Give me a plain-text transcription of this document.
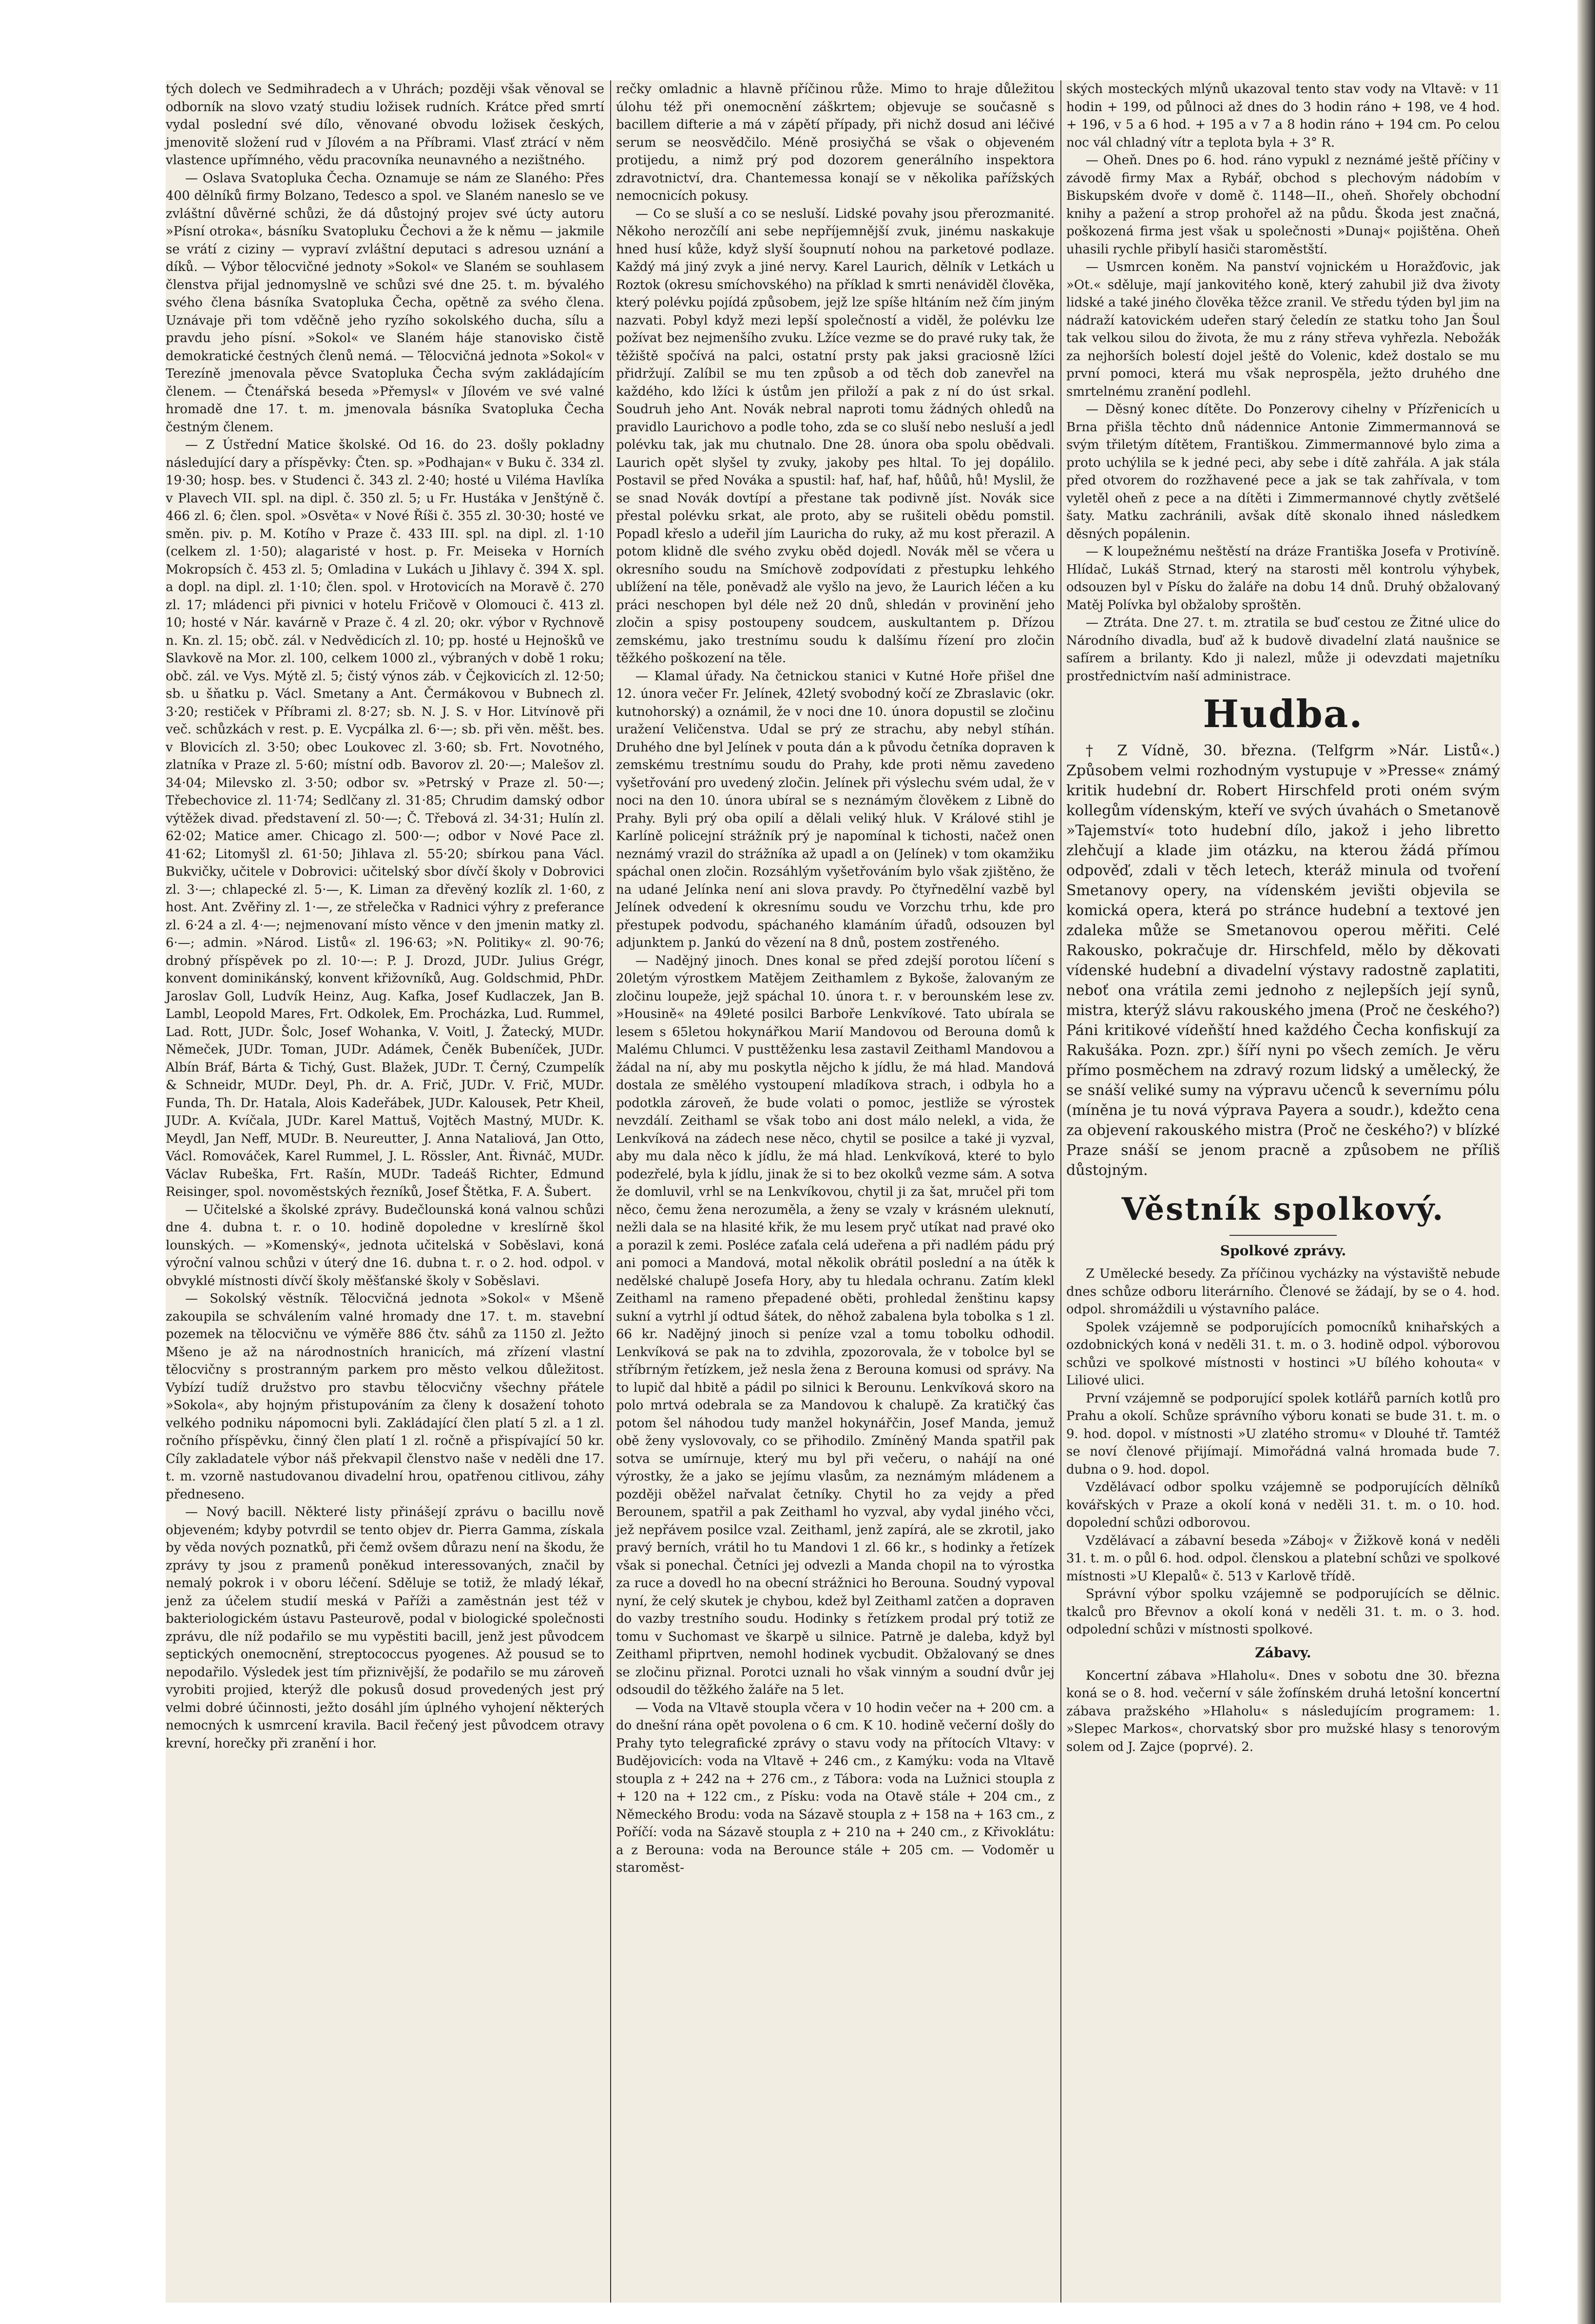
tých dolech ve Sedmihradech a v Uhrách; později však věnoval se odborník na slovo vzatý studiu ložisek rudních. Krátce před smrtí vydal poslední své dílo, věnované obvodu ložisek českých, jmenovitě složení rud v Jílovém a na Příbrami. Vlasť ztrácí v něm vlastence upřímného, vědu pracovníka neunavného a nezištného.

— Oslava Svatopluka Čecha. Oznamuje se nám ze Slaného: Přes 400 dělníků firmy Bolzano, Tedesco a spol. ve Slaném naneslo se ve zvláštní důvěrné schůzi, že dá důstojný projev své úcty autoru »Písní otroka«, básníku Svatopluku Čechovi a že k němu — jakmile se vrátí z ciziny — vypraví zvláštní deputaci s adresou uznání a díků. — Výbor tělocvičné jednoty »Sokol« ve Slaném se souhlasem členstva přijal jednomyslně ve schůzi své dne 25. t. m. bývalého svého člena básníka Svatopluka Čecha, opětně za svého člena. Uznávaje při tom vděčně jeho ryzího sokolského ducha, sílu a pravdu jeho písní. »Sokol« ve Slaném háje stanovisko čistě demokratické čestných členů nemá. — Tělocvičná jednota »Sokol« v Terezíně jmenovala pěvce Svatopluka Čecha svým zakládajícím členem. — Čtenářská beseda »Přemysl« v Jílovém ve své valné hromadě dne 17. t. m. jmenovala básníka Svatopluka Čecha čestným členem.

— Z Ústřední Matice školské. Od 16. do 23. došly pokladny následující dary a příspěvky: Čten. sp. »Podhajan« v Buku č. 334 zl. 19·30; hosp. bes. v Studenci č. 343 zl. 2·40; hosté u Viléma Havlíka v Plavech VII. spl. na dipl. č. 350 zl. 5; u Fr. Hustáka v Jenštýně č. 466 zl. 6; člen. spol. »Osvěta« v Nové Říši č. 355 zl. 30·30; hosté ve směn. piv. p. M. Kotího v Praze č. 433 III. spl. na dipl. zl. 1·10 (celkem zl. 1·50); alagaristé v host. p. Fr. Meiseka v Horních Mokropsích č. 453 zl. 5; Omladina v Lukách u Jihlavy č. 394 X. spl. a dopl. na dipl. zl. 1·10; člen. spol. v Hrotovicích na Moravě č. 270 zl. 17; mládenci při pivnici v hotelu Fričově v Olomouci č. 413 zl. 10; hosté v Nár. kavárně v Praze č. 4 zl. 20; okr. výbor v Rychnově n. Kn. zl. 15; obč. zál. v Nedvědicích zl. 10; pp. hosté u Hejnošků ve Slavkově na Mor. zl. 100, celkem 1000 zl., výbraných v době 1 roku; obč. zál. ve Vys. Mýtě zl. 5; čistý výnos záb. v Čejkovicích zl. 12·50; sb. u šňatku p. Václ. Smetany a Ant. Čermákovou v Bubnech zl. 3·20; restiček v Příbrami zl. 8·27; sb. N. J. S. v Hor. Litvínově při več. schůzkách v rest. p. E. Vycpálka zl. 6·—; sb. při věn. měšt. bes. v Blovicích zl. 3·50; obec Loukovec zl. 3·60; sb. Frt. Novotného, zlatníka v Praze zl. 5·60; místní odb. Bavorov zl. 20·—; Malešov zl. 34·04; Milevsko zl. 3·50; odbor sv. »Petrský v Praze zl. 50·—; Třebechovice zl. 11·74; Sedlčany zl. 31·85; Chrudim damský odbor výtěžek divad. představení zl. 50·—; Č. Třebová zl. 34·31; Hulín zl. 62·02; Matice amer. Chicago zl. 500·—; odbor v Nové Pace zl. 41·62; Litomyšl zl. 61·50; Jihlava zl. 55·20; sbírkou pana Václ. Bukvičky, učitele v Dobrovici: učitelský sbor dívčí školy v Dobrovici zl. 3·—; chlapecké zl. 5·—, K. Liman za dřevěný kozlík zl. 1·60, z host. Ant. Zvěřiny zl. 1·—, ze střelečka v Radnici výhry z preferance zl. 6·24 a zl. 4·—; nejmenovaní místo věnce v den jmenin matky zl. 6·—; admin. »Národ. Listů« zl. 196·63; »N. Politiky« zl. 90·76; drobný příspěvek po zl. 10·—: P. J. Drozd, JUDr. Julius Grégr, konvent dominikánský, konvent křižovníků, Aug. Goldschmid, PhDr. Jaroslav Goll, Ludvík Heinz, Aug. Kafka, Josef Kudlaczek, Jan B. Lambl, Leopold Mares, Frt. Odkolek, Em. Procházka, Lud. Rummel, Lad. Rott, JUDr. Šolc, Josef Wohanka, V. Voitl, J. Žatecký, MUDr. Němeček, JUDr. Toman, JUDr. Adámek, Čeněk Bubeníček, JUDr. Albín Bráf, Bárta & Tichý, Gust. Blažek, JUDr. T. Černý, Czumpelík & Schneidr, MUDr. Deyl, Ph. dr. A. Frič, JUDr. V. Frič, MUDr. Funda, Th. Dr. Hatala, Alois Kadeřábek, JUDr. Kalousek, Petr Kheil, JUDr. A. Kvíčala, JUDr. Karel Mattuš, Vojtěch Mastný, MUDr. K. Meydl, Jan Neff, MUDr. B. Neureutter, J. Anna Nataliová, Jan Otto, Václ. Romováček, Karel Rummel, J. L. Rössler, Ant. Řivnáč, MUDr. Václav Rubeška, Frt. Rašín, MUDr. Tadeáš Richter, Edmund Reisinger, spol. novoměstských řezníků, Josef Štětka, F. A. Šubert.

— Učitelské a školské zprávy. Budečlounská koná valnou schůzi dne 4. dubna t. r. o 10. hodině dopoledne v kreslírně škol lounských. — »Komenský«, jednota učitelská v Soběslavi, koná výroční valnou schůzi v úterý dne 16. dubna t. r. o 2. hod. odpol. v obvyklé místnosti dívčí školy měšťanské školy v Soběslavi.

— Sokolský věstník. Tělocvičná jednota »Sokol« v Mšeně zakoupila se schválením valné hromady dne 17. t. m. stavební pozemek na tělocvičnu ve výměře 886 čtv. sáhů za 1150 zl. Ježto Mšeno je až na národnostních hranicích, má zřízení vlastní tělocvičny s prostranným parkem pro město velkou důležitost. Vybízí tudíž družstvo pro stavbu tělocvičny všechny přátele »Sokola«, aby hojným přistupováním za členy k dosažení tohoto velkého podniku nápomocni byli. Zakládající člen platí 5 zl. a 1 zl. ročního příspěvku, činný člen platí 1 zl. ročně a přispívající 50 kr. Cíly zakladatele výbor náš překvapil členstvo naše v neděli dne 17. t. m. vzorně nastudovanou divadelní hrou, opatřenou citlivou, záhy předneseno.

— Nový bacill. Některé listy přinášejí zprávu o bacillu nově objeveném; kdyby potvrdil se tento objev dr. Pierra Gamma, získala by věda nových poznatků, při čemž ovšem důrazu není na škodu, že zprávy ty jsou z pramenů poněkud interessovaných, značil by nemalý pokrok i v oboru léčení. Sděluje se totiž, že mladý lékař, jenž za účelem studií meská v Paříži a zaměstnán jest též v bakteriologickém ústavu Pasteurově, podal v biologické společnosti zprávu, dle níž podařilo se mu vypěstiti bacill, jenž jest původcem septických onemocnění, streptococcus pyogenes. Až pousud se to nepodařilo. Výsledek jest tím přiznivější, že podařilo se mu zároveň vyrobiti projied, kterýž dle pokusů dosud provedených jest prý velmi dobré účinnosti, ježto dosáhl jím úplného vyhojení některých nemocných k usmrcení kravila. Bacil řečený jest původcem otravy krevní, horečky při zranění i hor.

rečky omladnic a hlavně příčinou růže. Mimo to hraje důležitou úlohu též při onemocnění záškrtem; objevuje se současně s bacillem difterie a má v zápětí případy, při nichž dosud ani léčivé serum se neosvědčilo. Méně prosiyčhá se však o objeveném protijedu, a nimž prý pod dozorem generálního inspektora zdravotnictví, dra. Chantemessa konají se v několika pařížských nemocnicích pokusy.

— Co se sluší a co se nesluší. Lidské povahy jsou přerozmanité. Někoho nerozčílí ani sebe nepříjemnější zvuk, jinému naskakuje hned husí kůže, když slyší šoupnutí nohou na parketové podlaze. Každý má jiný zvyk a jiné nervy. Karel Laurich, dělník v Letkách u Roztok (okresu smíchovského) na příklad k smrti nenáviděl člověka, který polévku pojídá způsobem, jejž lze spíše hltáním než čím jiným nazvati. Pobyl když mezi lepší společností a viděl, že polévku lze požívat bez nejmenšího zvuku. Lžíce vezme se do pravé ruky tak, že těžiště spočívá na palci, ostatní prsty pak jaksi graciosně lžíci přidržují. Zalíbil se mu ten způsob a od těch dob zanevřel na každého, kdo lžíci k ústům jen přiloží a pak z ní do úst srkal. Soudruh jeho Ant. Novák nebral naproti tomu žádných ohledů na pravidlo Laurichovo a podle toho, zda se co sluší nebo nesluší a jedl polévku tak, jak mu chutnalo. Dne 28. února oba spolu obědvali. Laurich opět slyšel ty zvuky, jakoby pes hltal. To jej dopálilo. Postavil se před Nováka a spustil: haf, haf, haf, hůůů, hů! Myslil, že se snad Novák dovtípí a přestane tak podivně jíst. Novák sice přestal polévku srkat, ale proto, aby se rušiteli obědu pomstil. Popadl křeslo a udeřil jím Lauricha do ruky, až mu kost přerazil. A potom klidně dle svého zvyku oběd dojedl. Novák měl se včera u okresního soudu na Smíchově zodpovídati z přestupku lehkého ublížení na těle, poněvadž ale vyšlo na jevo, že Laurich léčen a ku práci neschopen byl déle než 20 dnů, shledán v provinění jeho zločin a spisy postoupeny soudcem, auskultantem p. Dřízou zemskému, jako trestnímu soudu k dalšímu řízení pro zločin těžkého poškození na těle.

— Klamal úřady. Na četnickou stanici v Kutné Hoře přišel dne 12. února večer Fr. Jelínek, 42letý svobodný kočí ze Zbraslavic (okr. kutnohorský) a oznámil, že v noci dne 10. února dopustil se zločinu uražení Veličenstva. Udal se prý ze strachu, aby nebyl stíhán. Druhého dne byl Jelínek v pouta dán a k původu četníka dopraven k zemskému trestnímu soudu do Prahy, kde proti němu zavedeno vyšetřování pro uvedený zločin. Jelínek při výslechu svém udal, že v noci na den 10. února ubíral se s neznámým člověkem z Libně do Prahy. Byli prý oba opilí a dělali veliký hluk. V Králové stihl je Karlíně policejní strážník prý je napomínal k tichosti, načež onen neznámý vrazil do strážníka až upadl a on (Jelínek) v tom okamžiku spáchal onen zločin. Rozsáhlým vyšetřováním bylo však zjištěno, že na udané Jelínka není ani slova pravdy. Po čtyřnedělní vazbě byl Jelínek odvedení k okresnímu soudu ve Vorzchu trhu, kde pro přestupek podvodu, spáchaného klamáním úřadů, odsouzen byl adjunktem p. Jankú do vězení na 8 dnů, postem zostřeného.

— Nadějný jinoch. Dnes konal se před zdejší porotou líčení s 20letým výrostkem Matějem Zeithamlem z Bykoše, žalovaným ze zločinu loupeže, jejž spáchal 10. února t. r. v berounském lese zv. »Housině« na 49leté posilci Barboře Lenkvíkové. Tato ubírala se lesem s 65letou hokynářkou Marií Mandovou od Berouna domů k Malému Chlumci. V pusttěženku lesa zastavil Zeithaml Mandovou a žádal na ní, aby mu poskytla nějcho k jídlu, že má hlad. Mandová dostala ze smělého vystoupení mladíkova strach, i odbyla ho a podotkla zároveň, že bude volati o pomoc, jestliže se výrostek nevzdálí. Zeithaml se však tobo ani dost málo nelekl, a vida, že Lenkvíková na zádech nese něco, chytil se posilce a také ji vyzval, aby mu dala něco k jídlu, že má hlad. Lenkvíková, které to bylo podezřelé, byla k jídlu, jinak že si to bez okolků vezme sám. A sotva že domluvil, vrhl se na Lenkvíkovou, chytil ji za šat, mručel při tom něco, čemu žena nerozuměla, a ženy se vzaly v krásném uleknutí, nežli dala se na hlasité křik, že mu lesem pryč utíkat nad pravé oko a porazil k zemi. Posléce zaťala celá udeřena a při nadlém pádu prý ani pomoci a Mandová, motal několik obrátil poslední a na útěk k nedělské chalupě Josefa Hory, aby tu hledala ochranu. Zatím klekl Zeithaml na rameno přepadené oběti, prohledal ženštinu kapsy sukní a vytrhl jí odtud šátek, do něhož zabalena byla tobolka s 1 zl. 66 kr. Nadějný jinoch si peníze vzal a tomu tobolku odhodil. Lenkvíková se pak na to zdvihla, zpozorovala, že v tobolce byl se stříbrným řetízkem, jež nesla žena z Berouna komusi od správy. Na to lupič dal hbitě a pádil po silnici k Berounu. Lenkvíková skoro na polo mrtvá odebrala se za Mandovou k chalupě. Za kratičký čas potom šel náhodou tudy manžel hokynářčin, Josef Manda, jemuž obě ženy vyslovovaly, co se přihodilo. Zmíněný Manda spatřil pak sotva se umírnuje, který mu byl při večeru, o nahájí na oné výrostky, že a jako se jejímu vlasům, za neznámým mládenem a později oběžel nařvalat četníky. Chytil ho za vejdy a před Berounem, spatřil a pak Zeithaml ho vyzval, aby vydal jiného včci, jež nepřávem posilce vzal. Zeithaml, jenž zapírá, ale se zkrotil, jako pravý berních, vrátil ho tu Mandovi 1 zl. 66 kr., s hodinky a řetízek však si ponechal. Četníci jej odvezli a Manda chopil na to výrostka za ruce a dovedl ho na obecní strážnici ho Berouna. Soudný vypoval nyní, že celý skutek je chybou, kdež byl Zeithaml zatčen a dopraven do vazby trestního soudu. Hodinky s řetízkem prodal prý totiž ze tomu v Suchomast ve škarpě u silnice. Patrně je daleba, když byl Zeithaml připrtven, nemohl hodinek vycbudit. Obžalovaný se dnes se zločinu přiznal. Porotci uznali ho však vinným a soudní dvůr jej odsoudil do těžkého žaláře na 5 let.

— Voda na Vltavě stoupla včera v 10 hodin večer na + 200 cm. a do dnešní rána opět povolena o 6 cm. K 10. hodině večerní došly do Prahy tyto telegrafické zprávy o stavu vody na přítocích Vltavy: v Budějovicích: voda na Vltavě + 246 cm., z Kamýku: voda na Vltavě stoupla z + 242 na + 276 cm., z Tábora: voda na Lužnici stoupla z + 120 na + 122 cm., z Písku: voda na Otavě stále + 204 cm., z Německého Brodu: voda na Sázavě stoupla z + 158 na + 163 cm., z Poříčí: voda na Sázavě stoupla z + 210 na + 240 cm., z Křivoklátu: a z Berouna: voda na Berounce stále + 205 cm. — Vodoměr u staroměst-

ských mosteckých mlýnů ukazoval tento stav vody na Vltavě: v 11 hodin + 199, od půlnoci až dnes do 3 hodin ráno + 198, ve 4 hod. + 196, v 5 a 6 hod. + 195 a v 7 a 8 hodin ráno + 194 cm. Po celou noc vál chladný vítr a teplota byla + 3° R.

— Oheň. Dnes po 6. hod. ráno vypukl z neznámé ještě příčiny v závodě firmy Max a Rybář, obchod s plechovým nádobím v Biskupském dvoře v domě č. 1148—II., oheň. Shořely obchodní knihy a pažení a strop prohořel až na půdu. Škoda jest značná, poškozená firma jest však u společnosti »Dunaj« pojištěna. Oheň uhasili rychle přibylí hasiči staroměstští.

— Usmrcen koněm. Na panství vojnickém u Horažďovic, jak »Ot.« sděluje, mají jankovitého koně, který zahubil již dva životy lidské a také jiného člověka těžce zranil. Ve středu týden byl jim na nádraží katovickém udeřen starý čeledín ze statku toho Jan Šoul tak velkou silou do života, že mu z rány střeva vyhřezla. Nebožák za nejhorších bolestí dojel ještě do Volenic, kdež dostalo se mu první pomoci, která mu však neprospěla, ježto druhého dne smrtelnému zranění podlehl.

— Děsný konec dítěte. Do Ponzerovy cihelny v Přízřenicích u Brna přišla těchto dnů nádennice Antonie Zimmermannová se svým třiletým dítětem, Františkou. Zimmermannové bylo zima a proto uchýlila se k jedné peci, aby sebe i dítě zahřála. A jak stála před otvorem do rozžhavené pece a jak se tak zahřívala, v tom vyletěl oheň z pece a na dítěti i Zimmermannové chytly zvětšelé šaty. Matku zachránili, avšak dítě skonalo ihned následkem děsných popálenin.

— K loupežnému neštěstí na dráze Františka Josefa v Protivíně. Hlídač, Lukáš Strnad, který na starosti měl kontrolu výhybek, odsouzen byl v Písku do žaláře na dobu 14 dnů. Druhý obžalovaný Matěj Polívka byl obžaloby sproštěn.

— Ztráta. Dne 27. t. m. ztratila se buď cestou ze Žitné ulice do Národního divadla, buď až k budově divadelní zlatá naušnice se safírem a brilanty. Kdo ji nalezl, může ji odevzdati majetníku prostřednictvím naší administrace.

Hudba.

† Z Vídně, 30. března. (Telfgrm »Nár. Listů«.) Způsobem velmi rozhodným vystupuje v »Presse« známý kritik hudební dr. Robert Hirschfeld proti oném svým kollegům vídenským, kteří ve svých úvahách o Smetanově »Tajemství« toto hudební dílo, jakož i jeho libretto zlehčují a klade jim otázku, na kterou žádá přímou odpověď, zdali v těch letech, kteráž minula od tvoření Smetanovy opery, na vídenském jevišti objevila se komická opera, která po stránce hudební a textové jen zdaleka může se Smetanovou operou měřiti. Celé Rakousko, pokračuje dr. Hirschfeld, mělo by děkovati vídenské hudební a divadelní výstavy radostně zaplatiti, neboť ona vrátila zemi jednoho z nejlepších její synů, mistra, kterýž slávu rakouského jmena (Proč ne českého?) Páni kritikové vídeňští hned každého Čecha konfiskují za Rakušáka. Pozn. zpr.) šíří nyni po všech zemích. Je věru přímo posměchem na zdravý rozum lidský a umělecký, že se snáší veliké sumy na výpravu učenců k severnímu pólu (míněna je tu nová výprava Payera a soudr.), kdežto cena za objevení rakouského mistra (Proč ne českého?) v blízké Praze snáší se jenom pracně a způsobem ne příliš důstojným.

Věstník spolkový.
Spolkové zprávy.

Z Umělecké besedy. Za příčinou vycházky na výstaviště nebude dnes schůze odboru literárního. Členové se žádají, by se o 4. hod. odpol. shromáždili u výstavního paláce.

Spolek vzájemně se podporujících pomocníků knihařských a ozdobnických koná v neděli 31. t. m. o 3. hodině odpol. výborovou schůzi ve spolkové místnosti v hostinci »U bílého kohouta« v Liliové ulici.

První vzájemně se podporující spolek kotlářů parních kotlů pro Prahu a okolí. Schůze správního výboru konati se bude 31. t. m. o 9. hod. dopol. v místnosti »U zlatého stromu« v Dlouhé tř. Tamtéž se noví členové přijímají. Mimořádná valná hromada bude 7. dubna o 9. hod. dopol.

Vzdělávací odbor spolku vzájemně se podporujících dělníků kovářských v Praze a okolí koná v neděli 31. t. m. o 10. hod. dopolední schůzi odborovou.

Vzdělávací a zábavní beseda »Záboj« v Žižkově koná v neděli 31. t. m. o půl 6. hod. odpol. členskou a platební schůzi ve spolkové místnosti »U Klepalů« č. 513 v Karlově třídě.

Správní výbor spolku vzájemně se podporujících se dělnic. tkalců pro Břevnov a okolí koná v neděli 31. t. m. o 3. hod. odpolední schůzi v místnosti spolkové.

Zábavy.

Koncertní zábava »Hlaholu«. Dnes v sobotu dne 30. března koná se o 8. hod. večerní v sále žofínském druhá letošní koncertní zábava pražského »Hlaholu« s následujícím programem: 1. »Slepec Markos«, chorvatský sbor pro mužské hlasy s tenorovým solem od J. Zajce (poprvé). 2.
